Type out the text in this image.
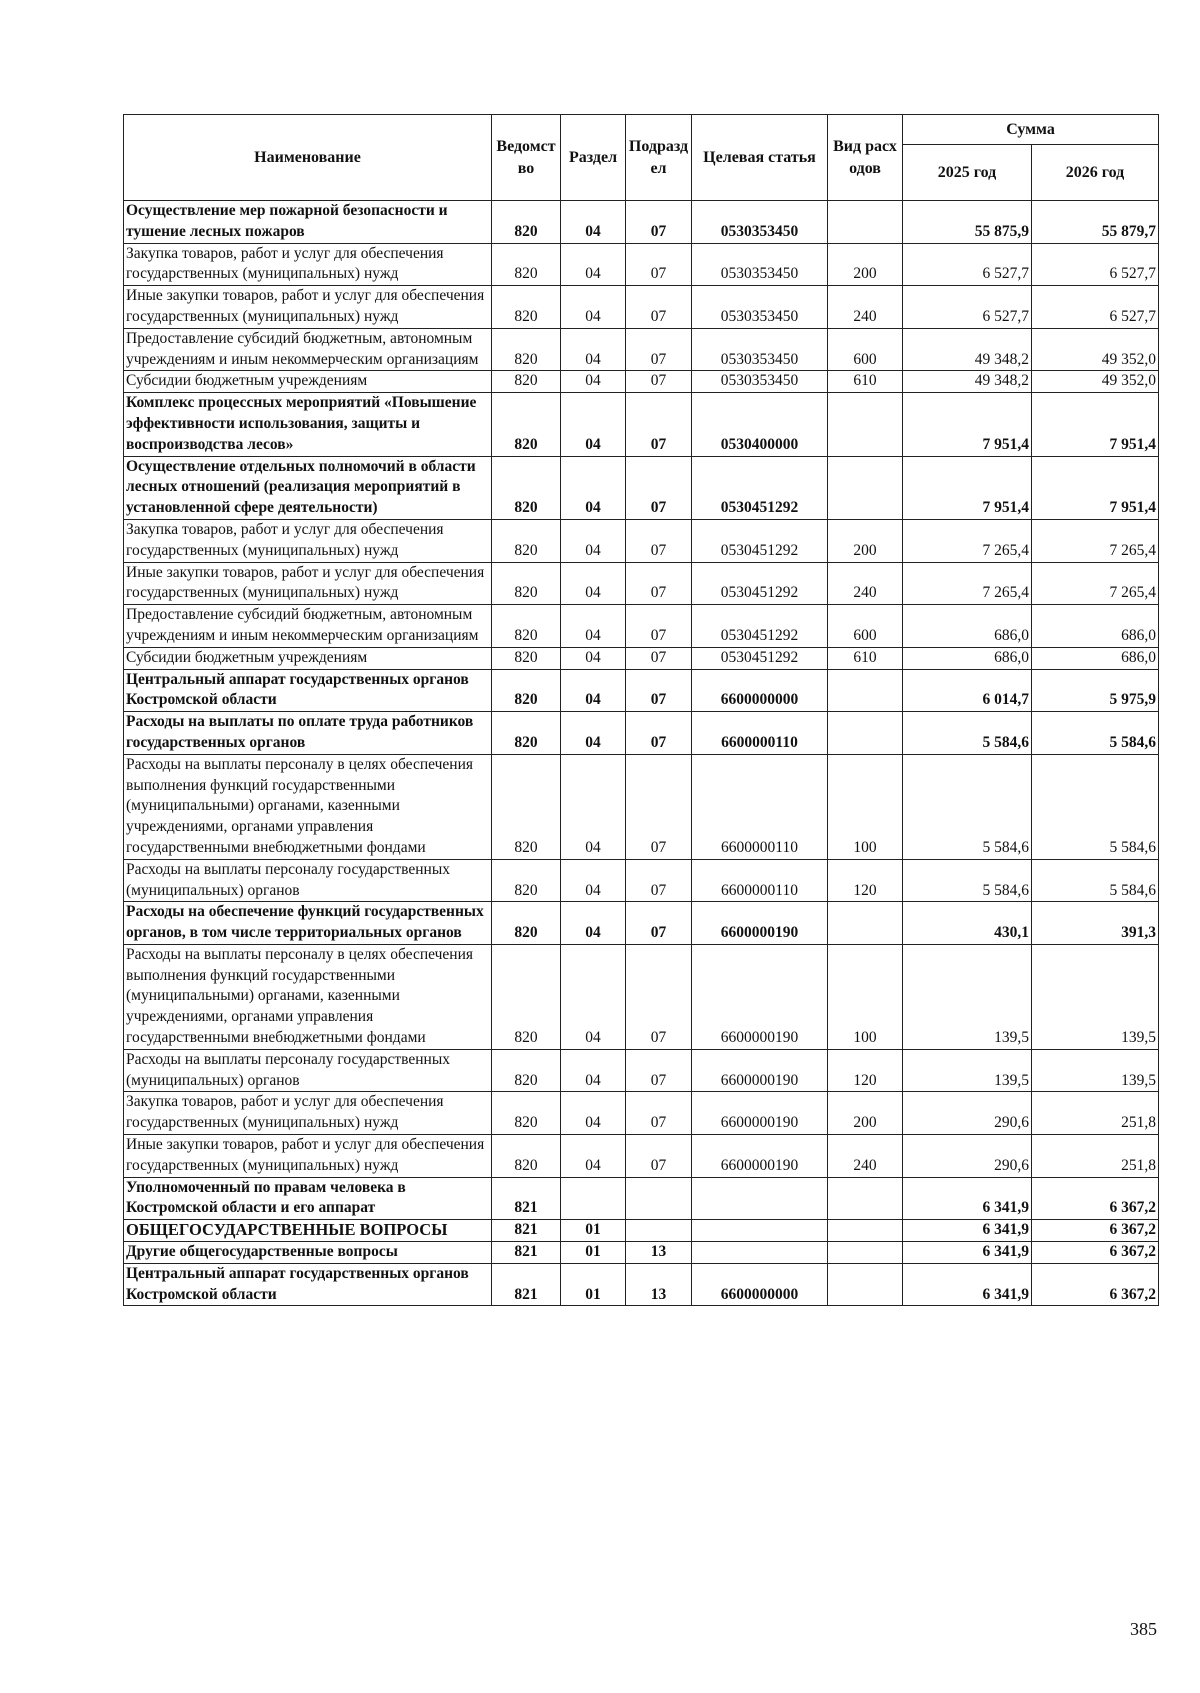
Наименование	Ведомство	Раздел	Подраздел	Целевая статья	Вид расходов	Сумма	
						2025 год	2026 год
Осуществление мер пожарной безопасности и тушение лесных пожаров	820	04	07	0530353450		55 875,9	55 879,7
Закупка товаров, работ и услуг для обеспечения государственных (муниципальных) нужд	820	04	07	0530353450	200	6 527,7	6 527,7
Иные закупки товаров, работ и услуг для обеспечения государственных (муниципальных) нужд	820	04	07	0530353450	240	6 527,7	6 527,7
Предоставление субсидий бюджетным, автономным учреждениям и иным некоммерческим организациям	820	04	07	0530353450	600	49 348,2	49 352,0
Субсидии бюджетным учреждениям	820	04	07	0530353450	610	49 348,2	49 352,0
Комплекс процессных мероприятий «Повышение эффективности использования, защиты и воспроизводства лесов»	820	04	07	0530400000		7 951,4	7 951,4
Осуществление отдельных полномочий в области лесных отношений (реализация мероприятий в установленной сфере деятельности)	820	04	07	0530451292		7 951,4	7 951,4
Закупка товаров, работ и услуг для обеспечения государственных (муниципальных) нужд	820	04	07	0530451292	200	7 265,4	7 265,4
Иные закупки товаров, работ и услуг для обеспечения государственных (муниципальных) нужд	820	04	07	0530451292	240	7 265,4	7 265,4
Предоставление субсидий бюджетным, автономным учреждениям и иным некоммерческим организациям	820	04	07	0530451292	600	686,0	686,0
Субсидии бюджетным учреждениям	820	04	07	0530451292	610	686,0	686,0
Центральный аппарат государственных органов Костромской области	820	04	07	6600000000		6 014,7	5 975,9
Расходы на выплаты по оплате труда работников государственных органов	820	04	07	6600000110		5 584,6	5 584,6
Расходы на выплаты персоналу в целях обеспечения выполнения функций государственными (муниципальными) органами, казенными учреждениями, органами управления государственными внебюджетными фондами	820	04	07	6600000110	100	5 584,6	5 584,6
Расходы на выплаты персоналу государственных (муниципальных) органов	820	04	07	6600000110	120	5 584,6	5 584,6
Расходы на обеспечение функций государственных органов, в том числе территориальных органов	820	04	07	6600000190		430,1	391,3
Расходы на выплаты персоналу в целях обеспечения выполнения функций государственными (муниципальными) органами, казенными учреждениями, органами управления государственными внебюджетными фондами	820	04	07	6600000190	100	139,5	139,5
Расходы на выплаты персоналу государственных (муниципальных) органов	820	04	07	6600000190	120	139,5	139,5
Закупка товаров, работ и услуг для обеспечения государственных (муниципальных) нужд	820	04	07	6600000190	200	290,6	251,8
Иные закупки товаров, работ и услуг для обеспечения государственных (муниципальных) нужд	820	04	07	6600000190	240	290,6	251,8
Уполномоченный по правам человека в Костромской области и его аппарат	821					6 341,9	6 367,2
ОБЩЕГОСУДАРСТВЕННЫЕ ВОПРОСЫ	821	01				6 341,9	6 367,2
Другие общегосударственные вопросы	821	01	13			6 341,9	6 367,2
Центральный аппарат государственных органов Костромской области	821	01	13	6600000000		6 341,9	6 367,2
385
